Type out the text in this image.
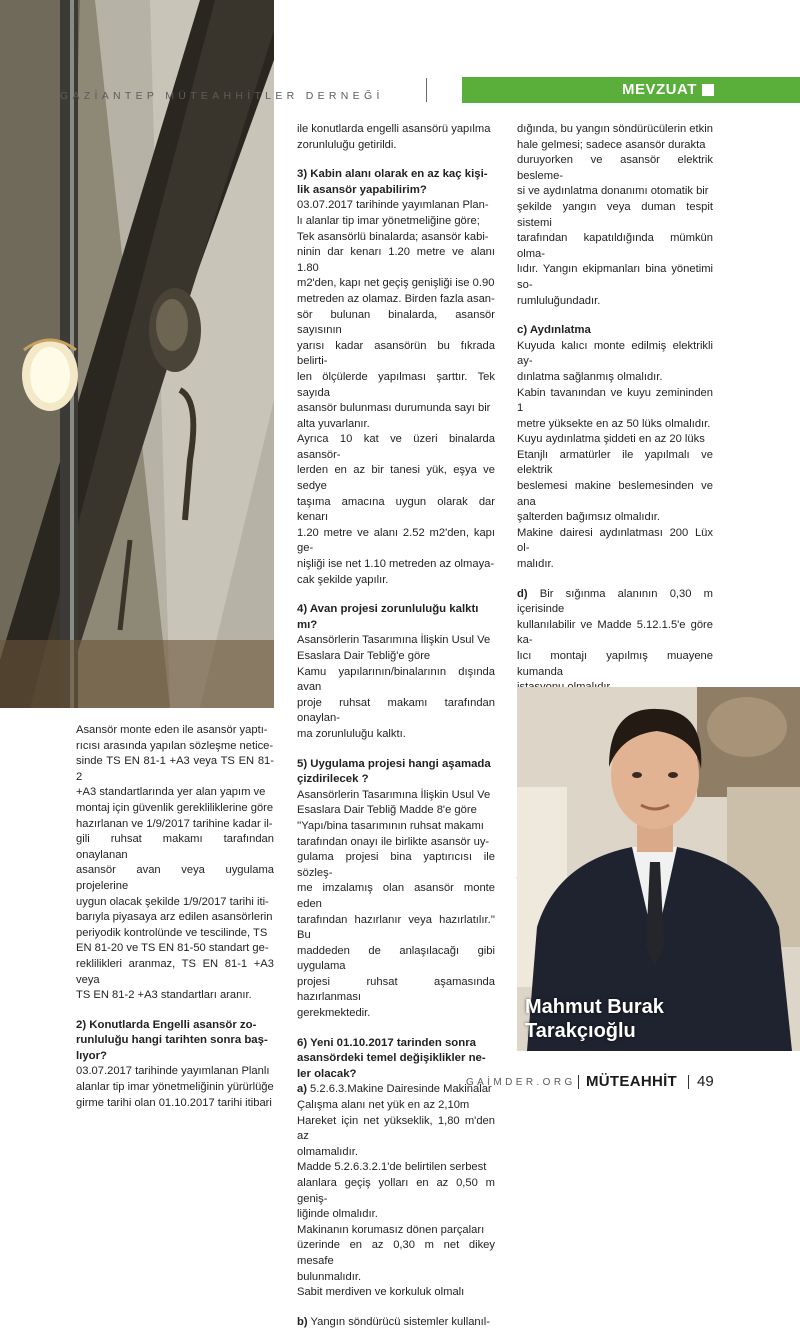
GAZİANTEP MÜTEAHHİTLER DERNEĞİ	MEVZUAT

Asansör monte eden ile asansör yaptı-
rıcısı arasında yapılan sözleşme netice-
sinde TS EN 81-1 +A3 veya TS EN 81-2
+A3 standartlarında yer alan yapım ve
montaj için güvenlik gerekliliklerine göre
hazırlanan ve 1/9/2017 tarihine kadar il-
gili ruhsat makamı tarafından onaylanan
asansör avan veya uygulama projelerine
uygun olacak şekilde 1/9/2017 tarihi iti-
barıyla piyasaya arz edilen asansörlerin
periyodik kontrolünde ve tescilinde, TS
EN 81-20 ve TS EN 81-50 standart ge-
reklilikleri aranmaz, TS EN 81-1 +A3 veya
TS EN 81-2 +A3 standartları aranır.

2) Konutlarda Engelli asansör zo-
runluluğu hangi tarihten sonra baş-
lıyor?

03.07.2017 tarihinde yayımlanan Planlı
alanlar tip imar yönetmeliğinin yürürlüğe
girme tarihi olan 01.10.2017 tarihi itibari

ile konutlarda engelli asansörü yapılma
zorunluluğu getirildi.

3) Kabin alanı olarak en az kaç kişi-
lik asansör yapabilirim?

03.07.2017 tarihinde yayımlanan Plan-
lı alanlar tip imar yönetmeliğine göre;
Tek asansörlü binalarda; asansör kabi-
ninin dar kenarı 1.20 metre ve alanı 1.80
m2'den, kapı net geçiş genişliği ise 0.90
metreden az olamaz. Birden fazla asan-
sör bulunan binalarda, asansör sayısının
yarısı kadar asansörün bu fıkrada belirti-
len ölçülerde yapılması şarttır. Tek sayıda
asansör bulunması durumunda sayı bir
alta yuvarlanır.
Ayrıca 10 kat ve üzeri binalarda asansör-
lerden en az bir tanesi yük, eşya ve sedye
taşıma amacına uygun olarak dar kenarı
1.20 metre ve alanı 2.52 m2'den, kapı ge-
nişliği ise net 1.10 metreden az olmaya-
cak şekilde yapılır.

4) Avan projesi zorunluluğu kalktı
mı?

Asansörlerin Tasarımına İlişkin Usul Ve
Esaslara Dair Tebliğ'e göre
Kamu yapılarının/binalarının dışında avan
proje ruhsat makamı tarafından onaylan-
ma zorunluluğu kalktı.

5) Uygulama projesi hangi aşamada
çizdirilecek ?

Asansörlerin Tasarımına İlişkin Usul Ve
Esaslara Dair Tebliğ Madde 8'e göre
''Yapı/bina tasarımının ruhsat makamı
tarafından onayı ile birlikte asansör uy-
gulama projesi bina yaptırıcısı ile sözleş-
me imzalamış olan asansör monte eden
tarafından hazırlanır veya hazırlatılır.'' Bu
maddeden de anlaşılacağı gibi uygulama
projesi ruhsat aşamasında hazırlanması
gerekmektedir.

6) Yeni 01.10.2017 tarinden sonra
asansördeki temel değişiklikler ne-
ler olacak?

a) 5.2.6.3.Makine Dairesinde Makinalar
Çalışma alanı net yük en az 2,10m
Hareket için net yükseklik, 1,80 m'den az
olmamalıdır.
Madde 5.2.6.3.2.1'de belirtilen serbest
alanlara geçiş yolları en az 0,50 m geniş-
liğinde olmalıdır.
Makinanın korumasız dönen parçaları
üzerinde en az 0,30 m net dikey mesafe
bulunmalıdır.
Sabit merdiven ve korkuluk olmalı

b) Yangın söndürücü sistemler kullanıl-

dığında, bu yangın söndürücülerin etkin
hale gelmesi; sadece asansör durakta
duruyorken ve asansör elektrik besleme-
si ve aydınlatma donanımı otomatik bir
şekilde yangın veya duman tespit sistemi
tarafından kapatıldığında mümkün olma-
lıdır. Yangın ekipmanları bina yönetimi so-
rumluluğundadır.

c) Aydınlatma

Kuyuda kalıcı monte edilmiş elektrikli ay-
dınlatma sağlanmış olmalıdır.
Kabin tavanından ve kuyu zemininden 1
metre yüksekte en az 50 lüks olmalıdır.
Kuyu aydınlatma şiddeti en az 20 lüks
Etanjlı armatürler ile yapılmalı ve elektrik
beslemesi makine beslemesinden ve ana
şalterden bağımsız olmalıdır.
Makine dairesi aydınlatması 200 Lüx ol-
malıdır.

d) Bir sığınma alanının 0,30 m içerisinde
kullanılabilir ve Madde 5.12.1.5'e göre ka-
lıcı montajı yapılmış muayene kumanda

Mahmut Burak
Tarakçıoğlu
GAİMDER.ORG MÜTEAHHİT 49
